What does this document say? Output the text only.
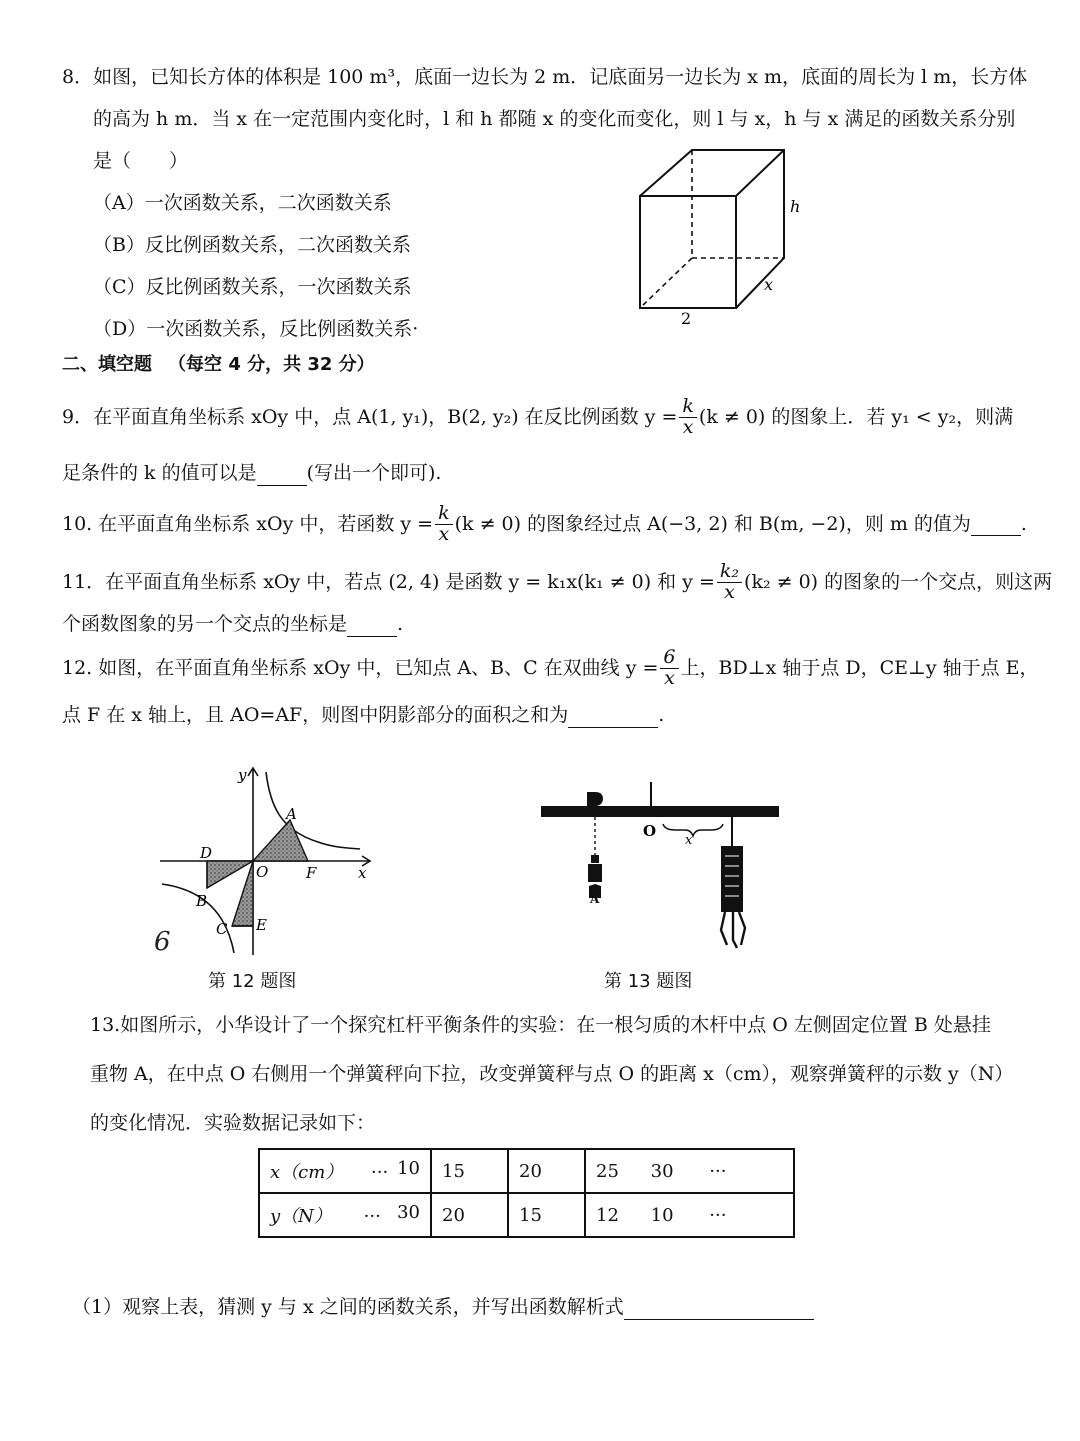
8．如图，已知长方体的体积是 100 m³，底面一边长为 2 m．记底面另一边长为 x m，底面的周长为 l m，长方体
的高为 h m．当 x 在一定范围内变化时，l 和 h 都随 x 的变化而变化，则 l 与 x，h 与 x 满足的函数关系分别
是（　　）
（A）一次函数关系，二次函数关系
（B）反比例函数关系，二次函数关系
（C）反比例函数关系，一次函数关系
（D）一次函数关系，反比例函数关系·
h
x
2
二、填空题 （每空 4 分，共 32 分）
9．在平面直角坐标系 xOy 中，点 A(1, y₁)，B(2, y₂) 在反比例函数 $y = \frac{k}{x} (k \ne 0)$ 的图象上．若 y₁ < y₂，则满
足条件的 k 的值可以是	(写出一个即可).
10. 在平面直角坐标系 xOy 中，若函数 $y = \frac{k}{x} (k \ne 0)$ 的图象经过点 A(−3, 2) 和 B(m, −2)，则 m 的值为
	.
11．在平面直角坐标系 xOy 中，若点 (2, 4) 是函数 y = k₁x(k₁ ≠ 0) 和 $y = \frac{\text{k₂}}{x} (k_2 \ne 0)$ 的图象的一个交点，则这两
个函数图象的另一个交点的坐标是	.
12. 如图，在平面直角坐标系 xOy 中，已知点 A、B、C 在双曲线 $y = \frac{6}{x}$ 上，BD⊥x 轴于点 D，CE⊥y 轴于点 E，
点 F 在 x 轴上，且 AO=AF，则图中阴影部分的面积之和为	.
y
x
A
D
O	F
B
C E
6
第 12 题图
A
O
x
第 13 题图
13.如图所示，小华设计了一个探究杠杆平衡条件的实验：在一根匀质的木杆中点 O 左侧固定位置 B 处悬挂
重物 A，在中点 O 右侧用一个弹簧秤向下拉，改变弹簧秤与点 O 的距离 x（cm），观察弹簧秤的示数 y（N）
的变化情况．实验数据记录如下：
x（cm） ··· 10	15	20	25 30 ···
y（N） ··· 30	20	15	12 10 ···
（1）观察上表，猜测 y 与 x 之间的函数关系，并写出函数解析式
